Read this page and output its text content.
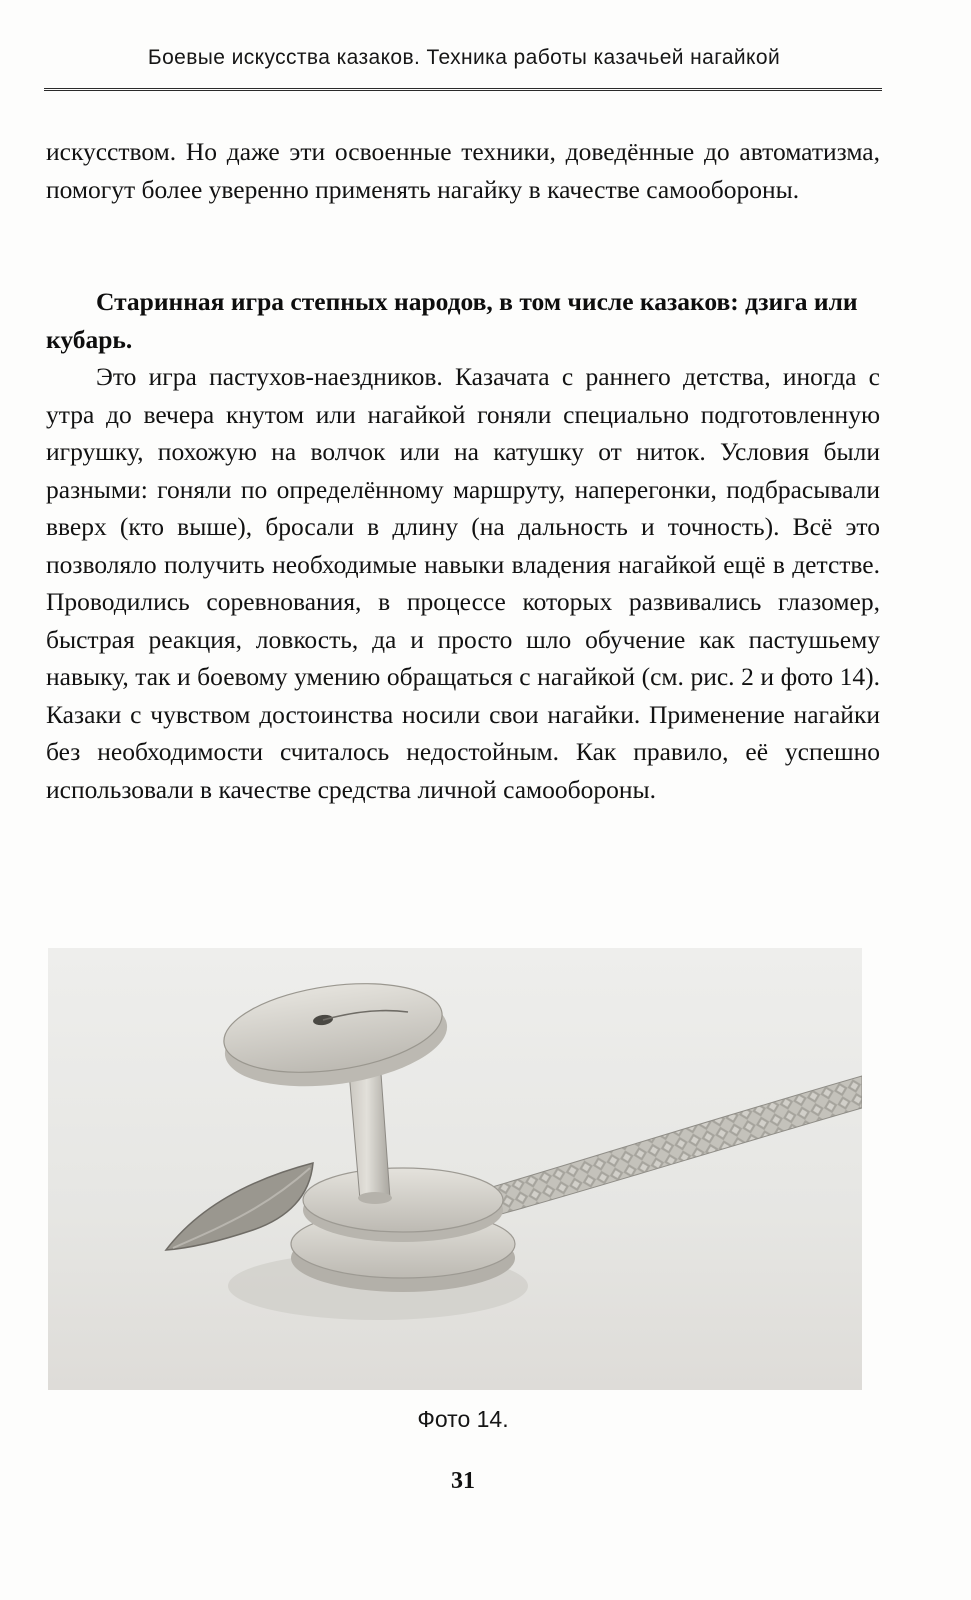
Боевые искусства казаков. Техника работы казачьей нагайкой

искусством. Но даже эти освоенные техники, доведённые до автоматизма, помогут более уверенно применять нагайку в качестве самообороны.

Старинная игра степных народов, в том числе казаков: дзига или кубарь.

Это игра пастухов-наездников. Казачата с раннего детства, иногда с утра до вечера кнутом или нагайкой гоняли специально подготовленную игрушку, похожую на волчок или на катушку от ниток. Условия были разными: гоняли по определённому маршруту, наперегонки, подбрасывали вверх (кто выше), бросали в длину (на дальность и точность). Всё это позволяло получить необходимые навыки владения нагайкой ещё в детстве. Проводились соревнования, в процессе которых развивались глазомер, быстрая реакция, ловкость, да и просто шло обучение как пастушьему навыку, так и боевому умению обращаться с нагайкой (см. рис. 2 и фото 14). Казаки с чувством достоинства носили свои нагайки. Применение нагайки без необходимости считалось недостойным. Как правило, её успешно использовали в качестве средства личной самообороны.

Фото 14.
31
